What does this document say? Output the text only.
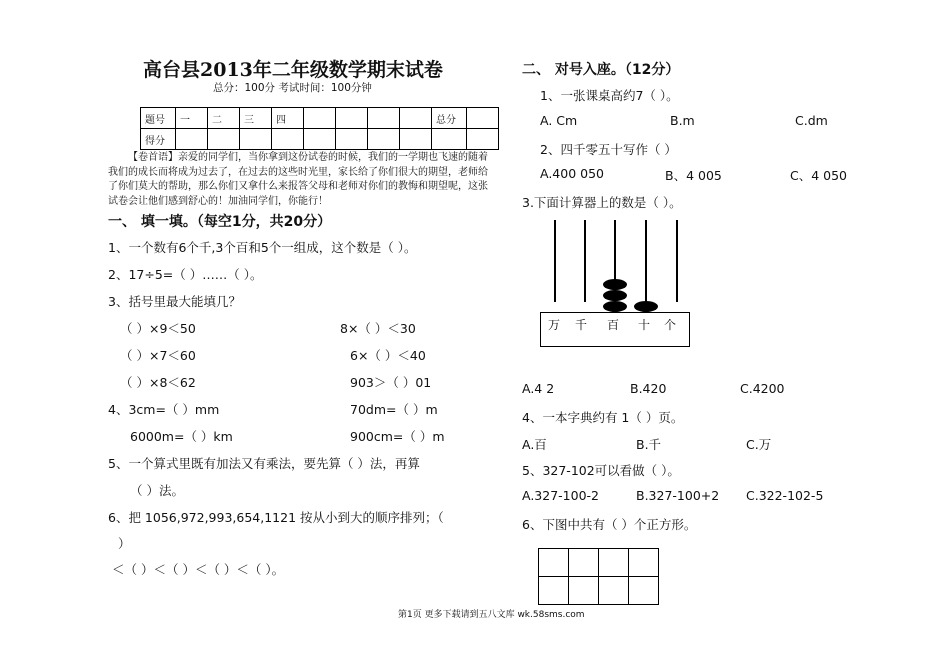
高台县2013年二年级数学期末试卷
总分：100分 考试时间：100分钟
题号	一	二	三	四					总分	
得分										
【卷首语】亲爱的同学们，当你拿到这份试卷的时候，我们的一学期也飞速的随着我们的成长而将成为过去了，在过去的这些时光里，家长给了你们很大的期望，老师给了你们莫大的帮助，那么你们又拿什么来报答父母和老师对你们的教悔和期望呢，这张试卷会让他们感到舒心的！加油同学们，你能行！
一、 填一填。（每空1分，共20分）
1、一个数有6个千,3个百和5个一组成，这个数是（ ）。
2、17÷5=（ ）……（ ）。
3、括号里最大能填几？
（ ）×9＜50	8×（ ）＜30
（ ）×7＜60	6×（ ）＜40
（ ）×8＜62	903＞（ ）01
4、3cm=（ ）mm	70dm=（ ）m
6000m=（ ）km	900cm=（ ）m
5、一个算式里既有加法又有乘法，要先算（ ）法，再算
（ ）法。
6、把 1056,972,993,654,1121 按从小到大的顺序排列；（
）
＜（ ）＜（ ）＜（ ）＜（ ）。
二、 对号入座。（12分）
1、一张课桌高约7（ ）。
A. Cm	B.m	C.dm
2、四千零五十写作（ ）
A.400 050	B、4 005	C、4 050
3.下面计算器上的数是（ ）。
万 千 百 十 个
A.4 2	B.420	C.4200
4、一本字典约有 1（ ）页。
A.百	B.千	C.万
5、327-102可以看做（ ）。
A.327-100-2	B.327-100+2 C.322-102-5
6、下图中共有（ ）个正方形。

第1页 更多下载请到五八文库 wk.58sms.com
